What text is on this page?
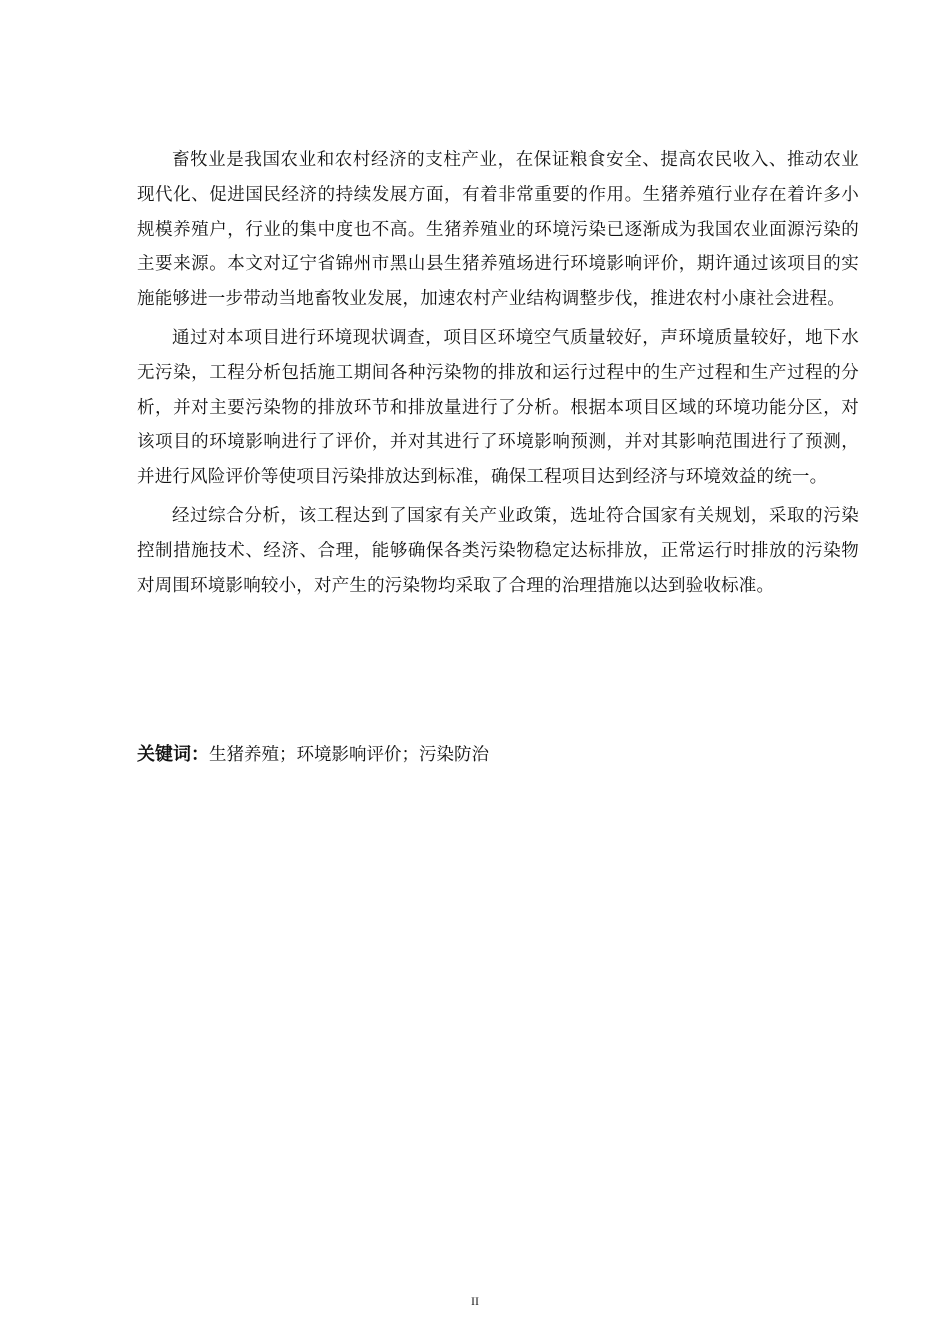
畜牧业是我国农业和农村经济的支柱产业，在保证粮食安全、提高农民收入、推动农业现代化、促进国民经济的持续发展方面，有着非常重要的作用。生猪养殖行业存在着许多小规模养殖户，行业的集中度也不高。生猪养殖业的环境污染已逐渐成为我国农业面源污染的主要来源。本文对辽宁省锦州市黑山县生猪养殖场进行环境影响评价，期许通过该项目的实施能够进一步带动当地畜牧业发展，加速农村产业结构调整步伐，推进农村小康社会进程。

通过对本项目进行环境现状调查，项目区环境空气质量较好，声环境质量较好，地下水无污染，工程分析包括施工期间各种污染物的排放和运行过程中的生产过程和生产过程的分析，并对主要污染物的排放环节和排放量进行了分析。根据本项目区域的环境功能分区，对该项目的环境影响进行了评价，并对其进行了环境影响预测，并对其影响范围进行了预测，并进行风险评价等使项目污染排放达到标准，确保工程项目达到经济与环境效益的统一。

经过综合分析，该工程达到了国家有关产业政策，选址符合国家有关规划，采取的污染控制措施技术、经济、合理，能够确保各类污染物稳定达标排放，正常运行时排放的污染物对周围环境影响较小，对产生的污染物均采取了合理的治理措施以达到验收标准。

关键词：生猪养殖；环境影响评价；污染防治
II
